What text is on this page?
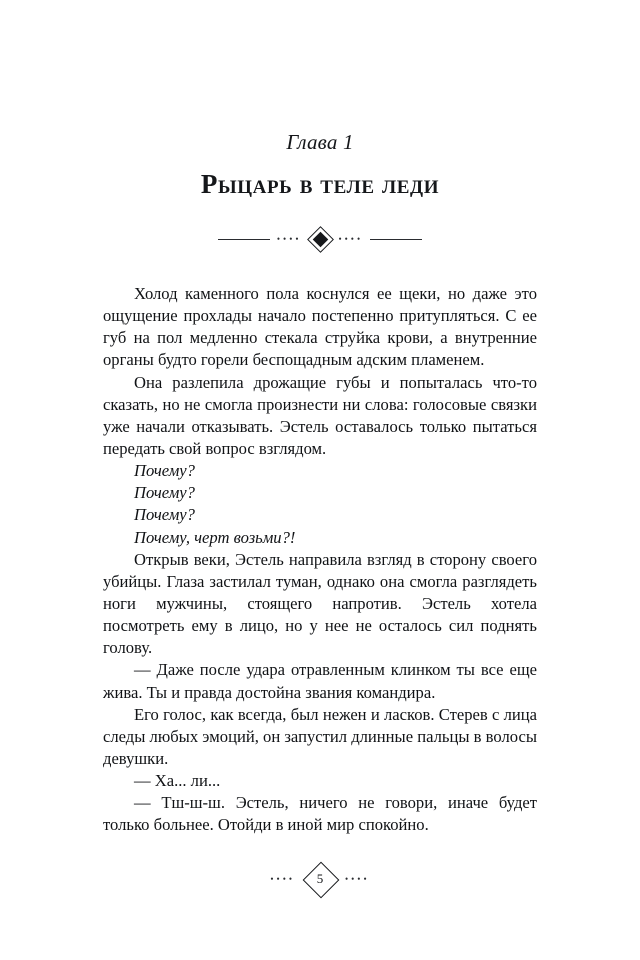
Глава 1
Рыцарь в теле леди
••••	••••

Холод каменного пола коснулся ее щеки, но даже это ощущение прохлады начало постепенно притупляться. С ее губ на пол медленно стекала струйка крови, а внутренние органы будто горели беспощадным адским пламенем.

Она разлепила дрожащие губы и попыталась что-то сказать, но не смогла произнести ни слова: голосовые связки уже начали отказывать. Эстель оставалось только пытаться передать свой вопрос взглядом.

Почему?

Почему?

Почему?

Почему, черт возьми?!

Открыв веки, Эстель направила взгляд в сторону своего убийцы. Глаза застилал туман, однако она смогла разглядеть ноги мужчины, стоящего напротив. Эстель хотела посмотреть ему в лицо, но у нее не осталось сил поднять голову.

— Даже после удара отравленным клинком ты все еще жива. Ты и правда достойна звания командира.

Его голос, как всегда, был нежен и ласков. Стерев с лица следы любых эмоций, он запустил длинные пальцы в волосы девушки.

— Ха... ли...

— Тш-ш-ш. Эстель, ничего не говори, иначе будет только больнее. Отойди в иной мир спокойно.

•••• 5	••••
